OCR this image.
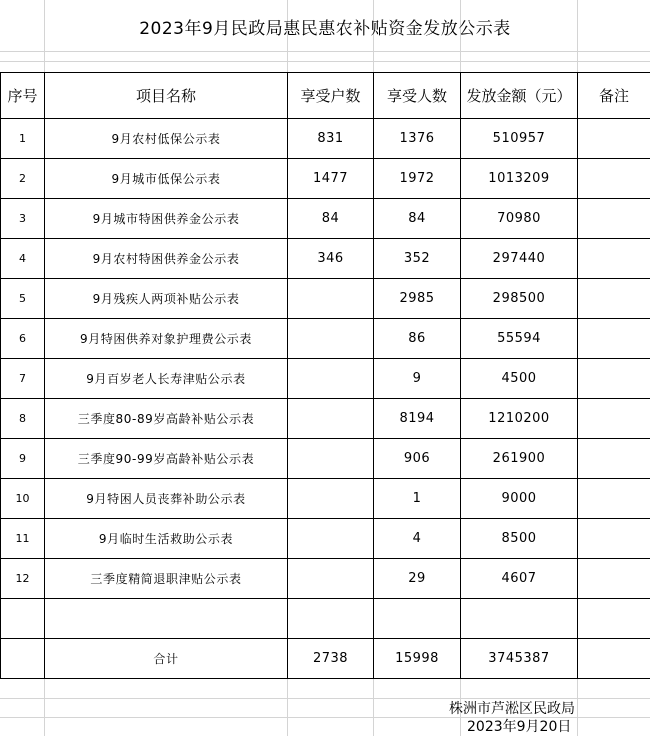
2023年9月民政局惠民惠农补贴资金发放公示表
序号	项目名称	享受户数	享受人数	发放金额（元）	备注
1	9月农村低保公示表	831	1376	510957	
2	9月城市低保公示表	1477	1972	1013209	
3	9月城市特困供养金公示表	84	84	70980	
4	9月农村特困供养金公示表	346	352	297440	
5	9月残疾人两项补贴公示表		2985	298500	
6	9月特困供养对象护理费公示表		86	55594	
7	9月百岁老人长寿津贴公示表		9	4500	
8	三季度80-89岁高龄补贴公示表		8194	1210200	
9	三季度90-99岁高龄补贴公示表		906	261900	
10	9月特困人员丧葬补助公示表		1	9000	
11	9月临时生活救助公示表		4	8500	
12	三季度精简退职津贴公示表		29	4607	

	合计	2738	15998	3745387	
株洲市芦淞区民政局
2023年9月20日
